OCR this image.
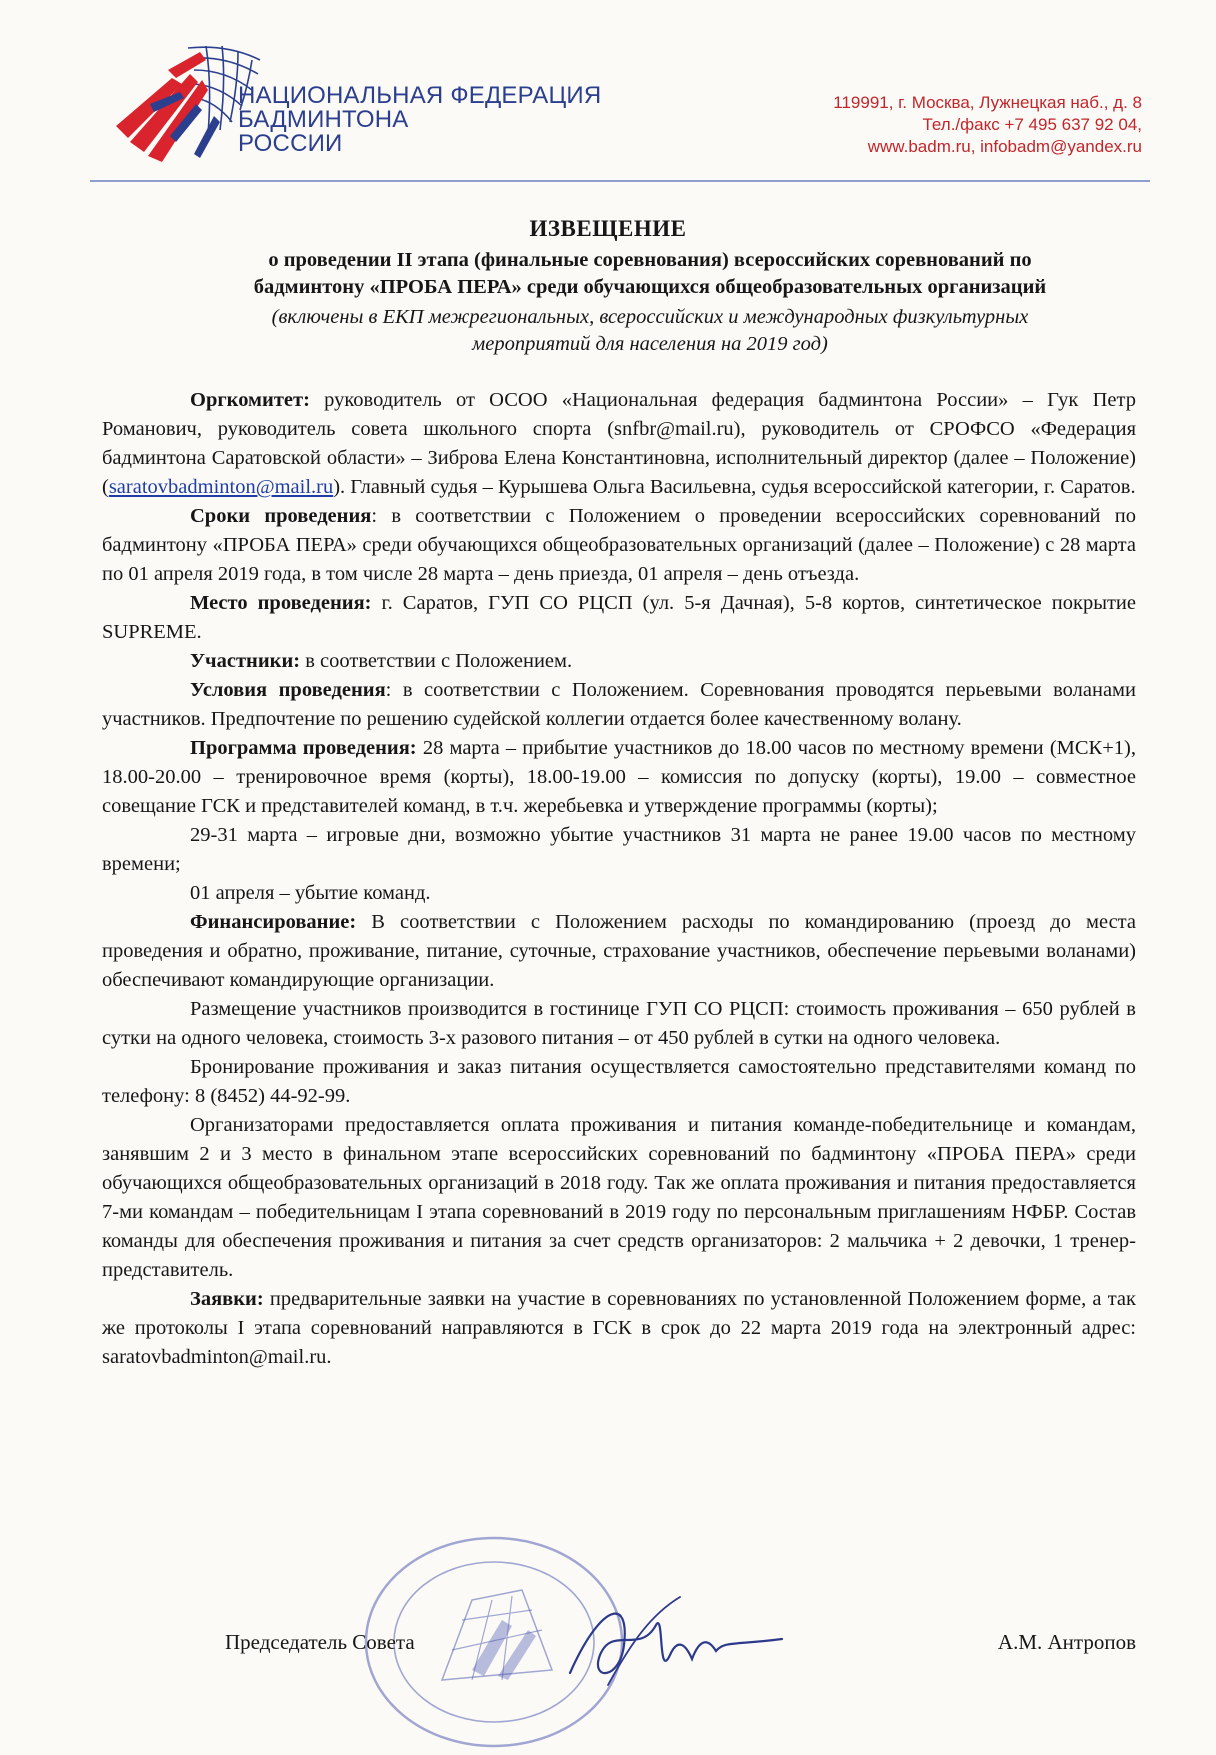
НАЦИОНАЛЬНАЯ ФЕДЕРАЦИЯ
БАДМИНТОНА
РОССИИ
119991, г. Москва, Лужнецкая наб., д. 8
Тел./факс +7 495 637 92 04,
www.badm.ru, infobadm@yandex.ru
ИЗВЕЩЕНИЕ
о проведении II этапа (финальные соревнования) всероссийских соревнований по
бадминтону «ПРОБА ПЕРА» среди обучающихся общеобразовательных организаций
(включены в ЕКП межрегиональных, всероссийских и международных физкультурных
мероприятий для населения на 2019 год)

Оргкомитет: руководитель от ОСОО «Национальная федерация бадминтона России» – Гук Петр Романович, руководитель совета школьного спорта (snfbr@mail.ru), руководитель от СРОФСО «Федерация бадминтона Саратовской области» – Зиброва Елена Константиновна, исполнительный директор (далее – Положение) (saratovbadminton@mail.ru). Главный судья – Курышева Ольга Васильевна, судья всероссийской категории, г. Саратов.

Сроки проведения: в соответствии с Положением о проведении всероссийских соревнований по бадминтону «ПРОБА ПЕРА» среди обучающихся общеобразовательных организаций (далее – Положение) с 28 марта по 01 апреля 2019 года, в том числе 28 марта – день приезда, 01 апреля – день отъезда.

Место проведения: г. Саратов, ГУП СО РЦСП (ул. 5-я Дачная), 5-8 кортов, синтетическое покрытие SUPREME.

Участники: в соответствии с Положением.

Условия проведения: в соответствии с Положением. Соревнования проводятся перьевыми воланами участников. Предпочтение по решению судейской коллегии отдается более качественному волану.

Программа проведения: 28 марта – прибытие участников до 18.00 часов по местному времени (МСК+1), 18.00-20.00 – тренировочное время (корты), 18.00-19.00 – комиссия по допуску (корты), 19.00 – совместное совещание ГСК и представителей команд, в т.ч. жеребьевка и утверждение программы (корты);

29-31 марта – игровые дни, возможно убытие участников 31 марта не ранее 19.00 часов по местному времени;

01 апреля – убытие команд.

Финансирование: В соответствии с Положением расходы по командированию (проезд до места проведения и обратно, проживание, питание, суточные, страхование участников, обеспечение перьевыми воланами) обеспечивают командирующие организации.

Размещение участников производится в гостинице ГУП СО РЦСП: стоимость проживания – 650 рублей в сутки на одного человека, стоимость 3-х разового питания – от 450 рублей в сутки на одного человека.

Бронирование проживания и заказ питания осуществляется самостоятельно представителями команд по телефону: 8 (8452) 44-92-99.

Организаторами предоставляется оплата проживания и питания команде-победительнице и командам, занявшим 2 и 3 место в финальном этапе всероссийских соревнований по бадминтону «ПРОБА ПЕРА» среди обучающихся общеобразовательных организаций в 2018 году. Так же оплата проживания и питания предоставляется 7-ми командам – победительницам I этапа соревнований в 2019 году по персональным приглашениям НФБР. Состав команды для обеспечения проживания и питания за счет средств организаторов: 2 мальчика + 2 девочки, 1 тренер-представитель.

Заявки: предварительные заявки на участие в соревнованиях по установленной Положением форме, а так же протоколы I этапа соревнований направляются в ГСК в срок до 22 марта 2019 года на электронный адрес: saratovbadminton@mail.ru.

Председатель Совета	А.М. Антропов
